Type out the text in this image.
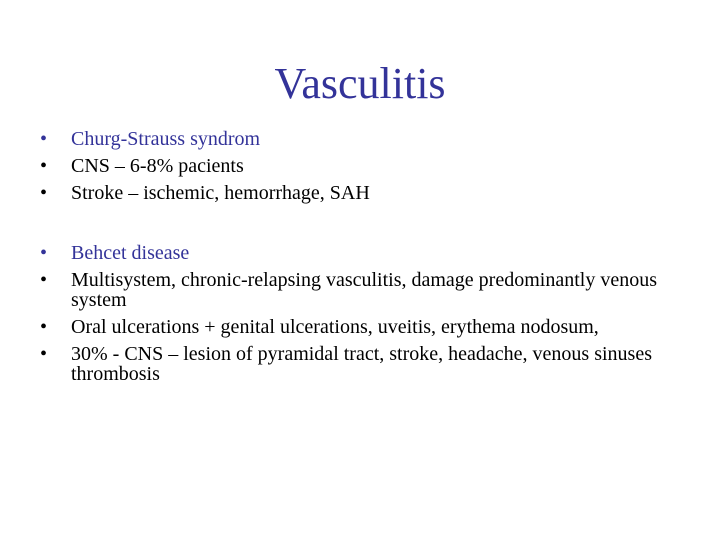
Vasculitis
•	Churg-Strauss syndrom
•	CNS – 6-8% pacients
•	Stroke – ischemic, hemorrhage, SAH
•	Behcet disease
•	Multisystem, chronic-relapsing vasculitis, damage predominantly venous system
•	Oral ulcerations + genital ulcerations, uveitis, erythema nodosum,
•	30% - CNS – lesion of pyramidal tract, stroke, headache, venous sinuses thrombosis
